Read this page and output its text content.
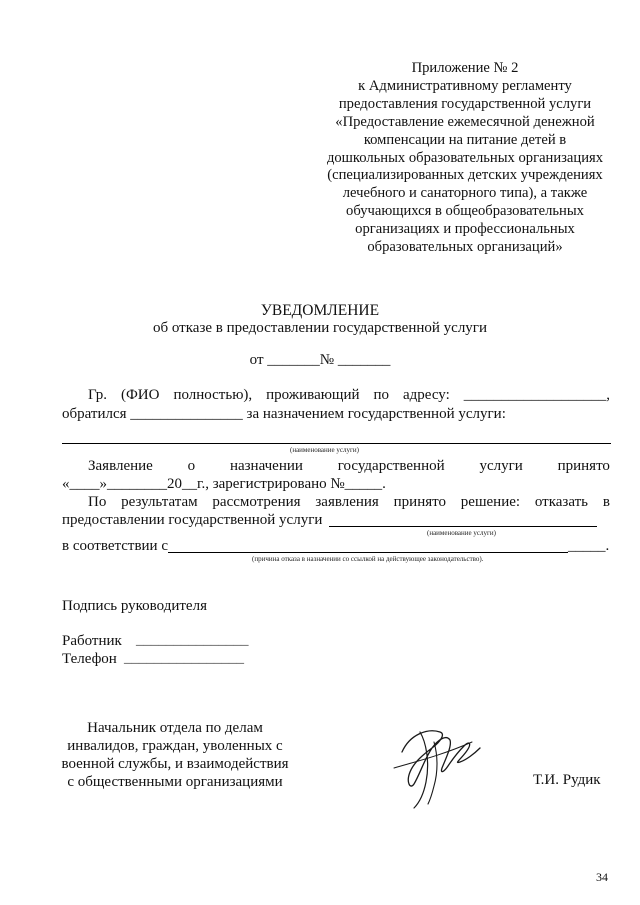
Приложение № 2
к Административному регламенту
предоставления государственной услуги
«Предоставление ежемесячной денежной
компенсации на питание детей в
дошкольных образовательных организациях
(специализированных детских учреждениях
лечебного и санаторного типа), а также
обучающихся в общеобразовательных
организациях и профессиональных
образовательных организаций»
УВЕДОМЛЕНИЕ
об отказе в предоставлении государственной услуги
от _______№ _______
Гр. (ФИО полностью), проживающий по адресу: ___________________,
обратился _______________ за назначением государственной услуги:
(наименование услуги)
Заявление о назначении государственной услуги принято
«____»________20__г., зарегистрировано №_____.
По результатам рассмотрения заявления принято решение: отказать в
предоставлении государственной услуги
(наименование услуги)
в соответствии с	_____.
(причина отказа в назначении со ссылкой на действующее законодательство).
Подпись руководителя
Работник _______________
Телефон ________________
Начальник отдела по делам
инвалидов, граждан, уволенных с
военной службы, и взаимодействия
с общественными организациями	Т.И. Рудик
34
